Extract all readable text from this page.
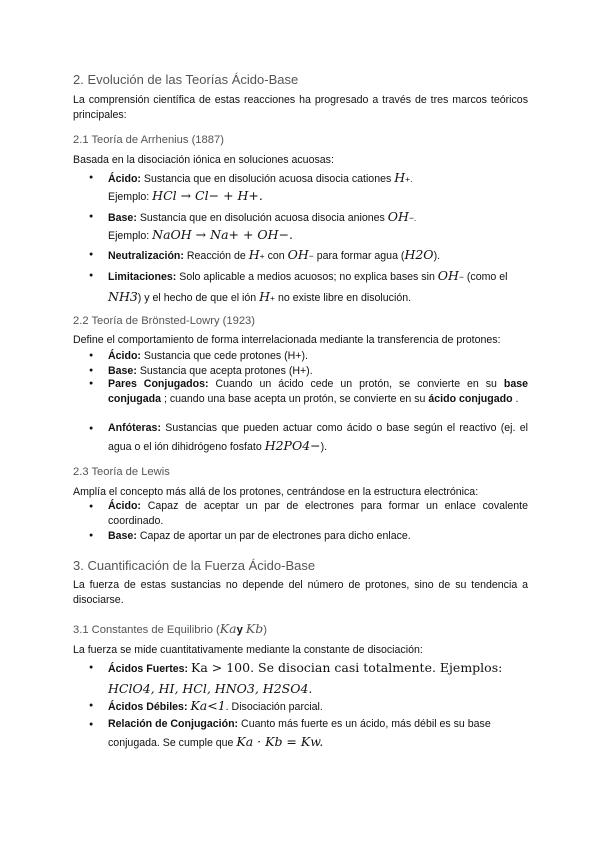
2. Evolución de las Teorías Ácido-Base
La comprensión científica de estas reacciones ha progresado a través de tres marcos teóricos principales:
2.1 Teoría de Arrhenius (1887)
Basada en la disociación iónica en soluciones acuosas:
● Ácido: Sustancia que en disolución acuosa disocia cationes H+.
Ejemplo: HCl → Cl− + H+.
● Base: Sustancia que en disolución acuosa disocia aniones OH−.
Ejemplo: NaOH → Na+ + OH−.
● Neutralización: Reacción de H+ con OH− para formar agua (H2O).
● Limitaciones: Solo aplicable a medios acuosos; no explica bases sin OH− (como el NH3) y el hecho de que el ión H+ no existe libre en disolución.
2.2 Teoría de Brönsted-Lowry (1923)
Define el comportamiento de forma interrelacionada mediante la transferencia de protones:
● Ácido: Sustancia que cede protones (H+).
● Base: Sustancia que acepta protones (H+).
● Pares Conjugados: Cuando un ácido cede un protón, se convierte en su base conjugada ; cuando una base acepta un protón, se convierte en su ácido conjugado .
● Anfóteras: Sustancias que pueden actuar como ácido o base según el reactivo (ej. el agua o el ión dihidrógeno fosfato H2PO4−).
2.3 Teoría de Lewis
Amplía el concepto más allá de los protones, centrándose en la estructura electrónica:
● Ácido: Capaz de aceptar un par de electrones para formar un enlace covalente coordinado.
● Base: Capaz de aportar un par de electrones para dicho enlace.
3. Cuantificación de la Fuerza Ácido-Base
La fuerza de estas sustancias no depende del número de protones, sino de su tendencia a disociarse.
3.1 Constantes de Equilibrio (Kay Kb)
La fuerza se mide cuantitativamente mediante la constante de disociación:
● Ácidos Fuertes: Ka > 100. Se disocian casi totalmente. Ejemplos: HClO4, HI, HCl, HNO3, H2SO4.
● Ácidos Débiles: Ka<1. Disociación parcial.
● Relación de Conjugación: Cuanto más fuerte es un ácido, más débil es su base conjugada. Se cumple que Ka · Kb = Kw.
